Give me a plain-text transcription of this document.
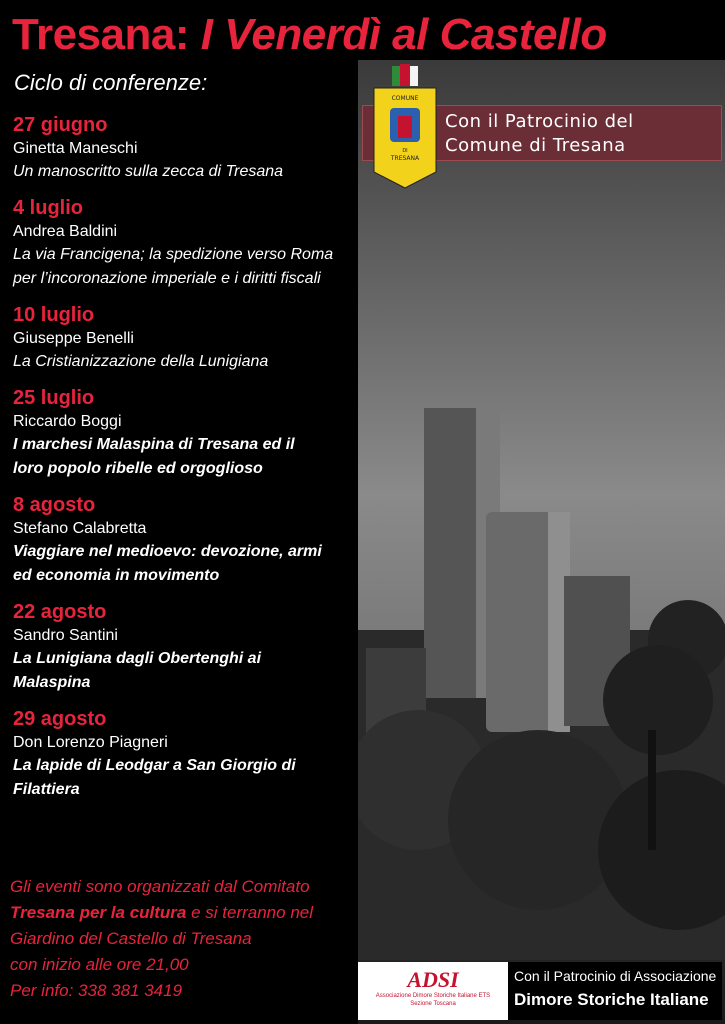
Tresana: I Venerdì al Castello
Ciclo di conferenze:
Con il Patrocinio del
Comune di Tresana
COMUNE
DI
TRESANA
27 giugno
Ginetta Maneschi
Un manoscritto sulla zecca di Tresana
4 luglio
Andrea Baldini
La via Francigena; la spedizione verso Roma
per l’incoronazione imperiale e i diritti fiscali
10 luglio
Giuseppe Benelli
La Cristianizzazione della Lunigiana
25 luglio
Riccardo Boggi
I marchesi Malaspina di Tresana ed il
loro popolo ribelle ed orgoglioso
8 agosto
Stefano Calabretta
Viaggiare nel medioevo: devozione, armi
ed economia in movimento
22 agosto
Sandro Santini
La Lunigiana dagli Obertenghi ai
Malaspina
29 agosto
Don Lorenzo Piagneri
La lapide di Leodgar a San Giorgio di
Filattiera
Gli eventi sono organizzati dal Comitato
Tresana per la cultura e si terranno nel
Giardino del Castello di Tresana
con inizio alle ore 21,00
Per info: 338 381 3419	ADSI
Associazione Dimore Storiche Italiane ETS
Sezione Toscana
Con il Patrocinio di Associazione
Dimore Storiche Italiane
